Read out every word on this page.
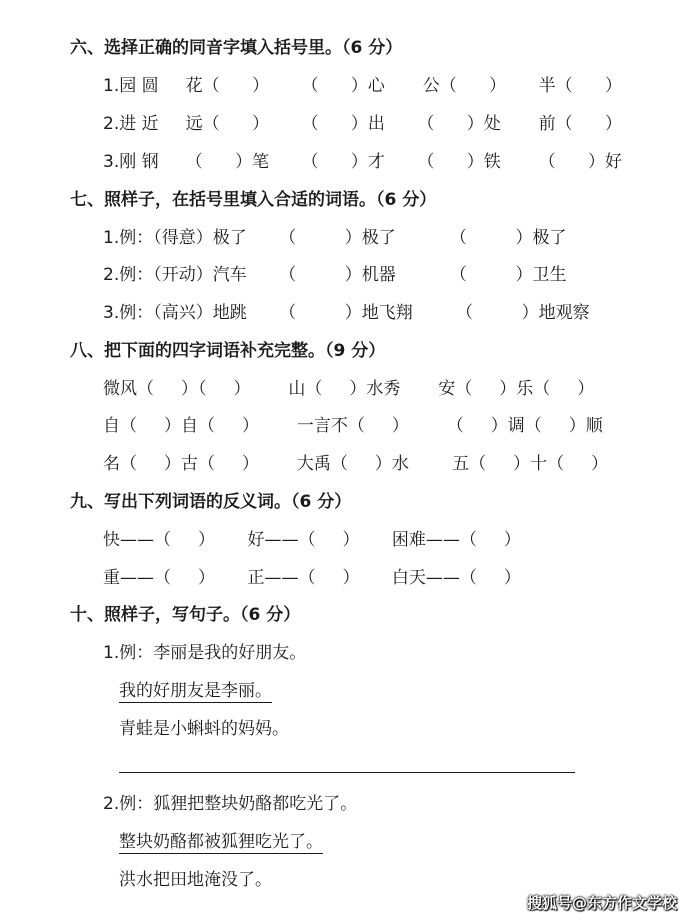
六、选择正确的同音字填入括号里。（6 分）
1.园 圆     花（      ）      （      ）心       公（      ）      半（      ）
2.进 近     远（      ）      （      ）出      （      ）处       前（      ）
3.刚 钢     （      ）笔      （      ）才      （      ）铁       （      ）好
七、照样子，在括号里填入合适的词语。（6 分）
1.例：（得意）极了      （         ）极了          （         ）极了
2.例：（开动）汽车      （         ）机器          （         ）卫生
3.例：（高兴）地跳      （         ）地飞翔        （         ）地观察
八、把下面的四字词语补充完整。（9 分）
微风（     ）（     ）       山（     ）水秀       安（     ）乐（     ）
自（     ）自（     ）       一言不（     ）       （     ）调（     ）顺
名（     ）古（     ）       大禹（     ）水        五（     ）十（     ）
九、写出下列词语的反义词。（6 分）
快——（     ）      好——（     ）      困难——（     ）
重——（     ）      正——（     ）      白天——（     ）
十、照样子，写句子。（6 分）
1.例：李丽是我的好朋友。
我的好朋友是李丽。
青蛙是小蝌蚪的妈妈。
2.例：狐狸把整块奶酪都吃光了。
整块奶酪都被狐狸吃光了。
洪水把田地淹没了。
搜狐号@东方作文学校
